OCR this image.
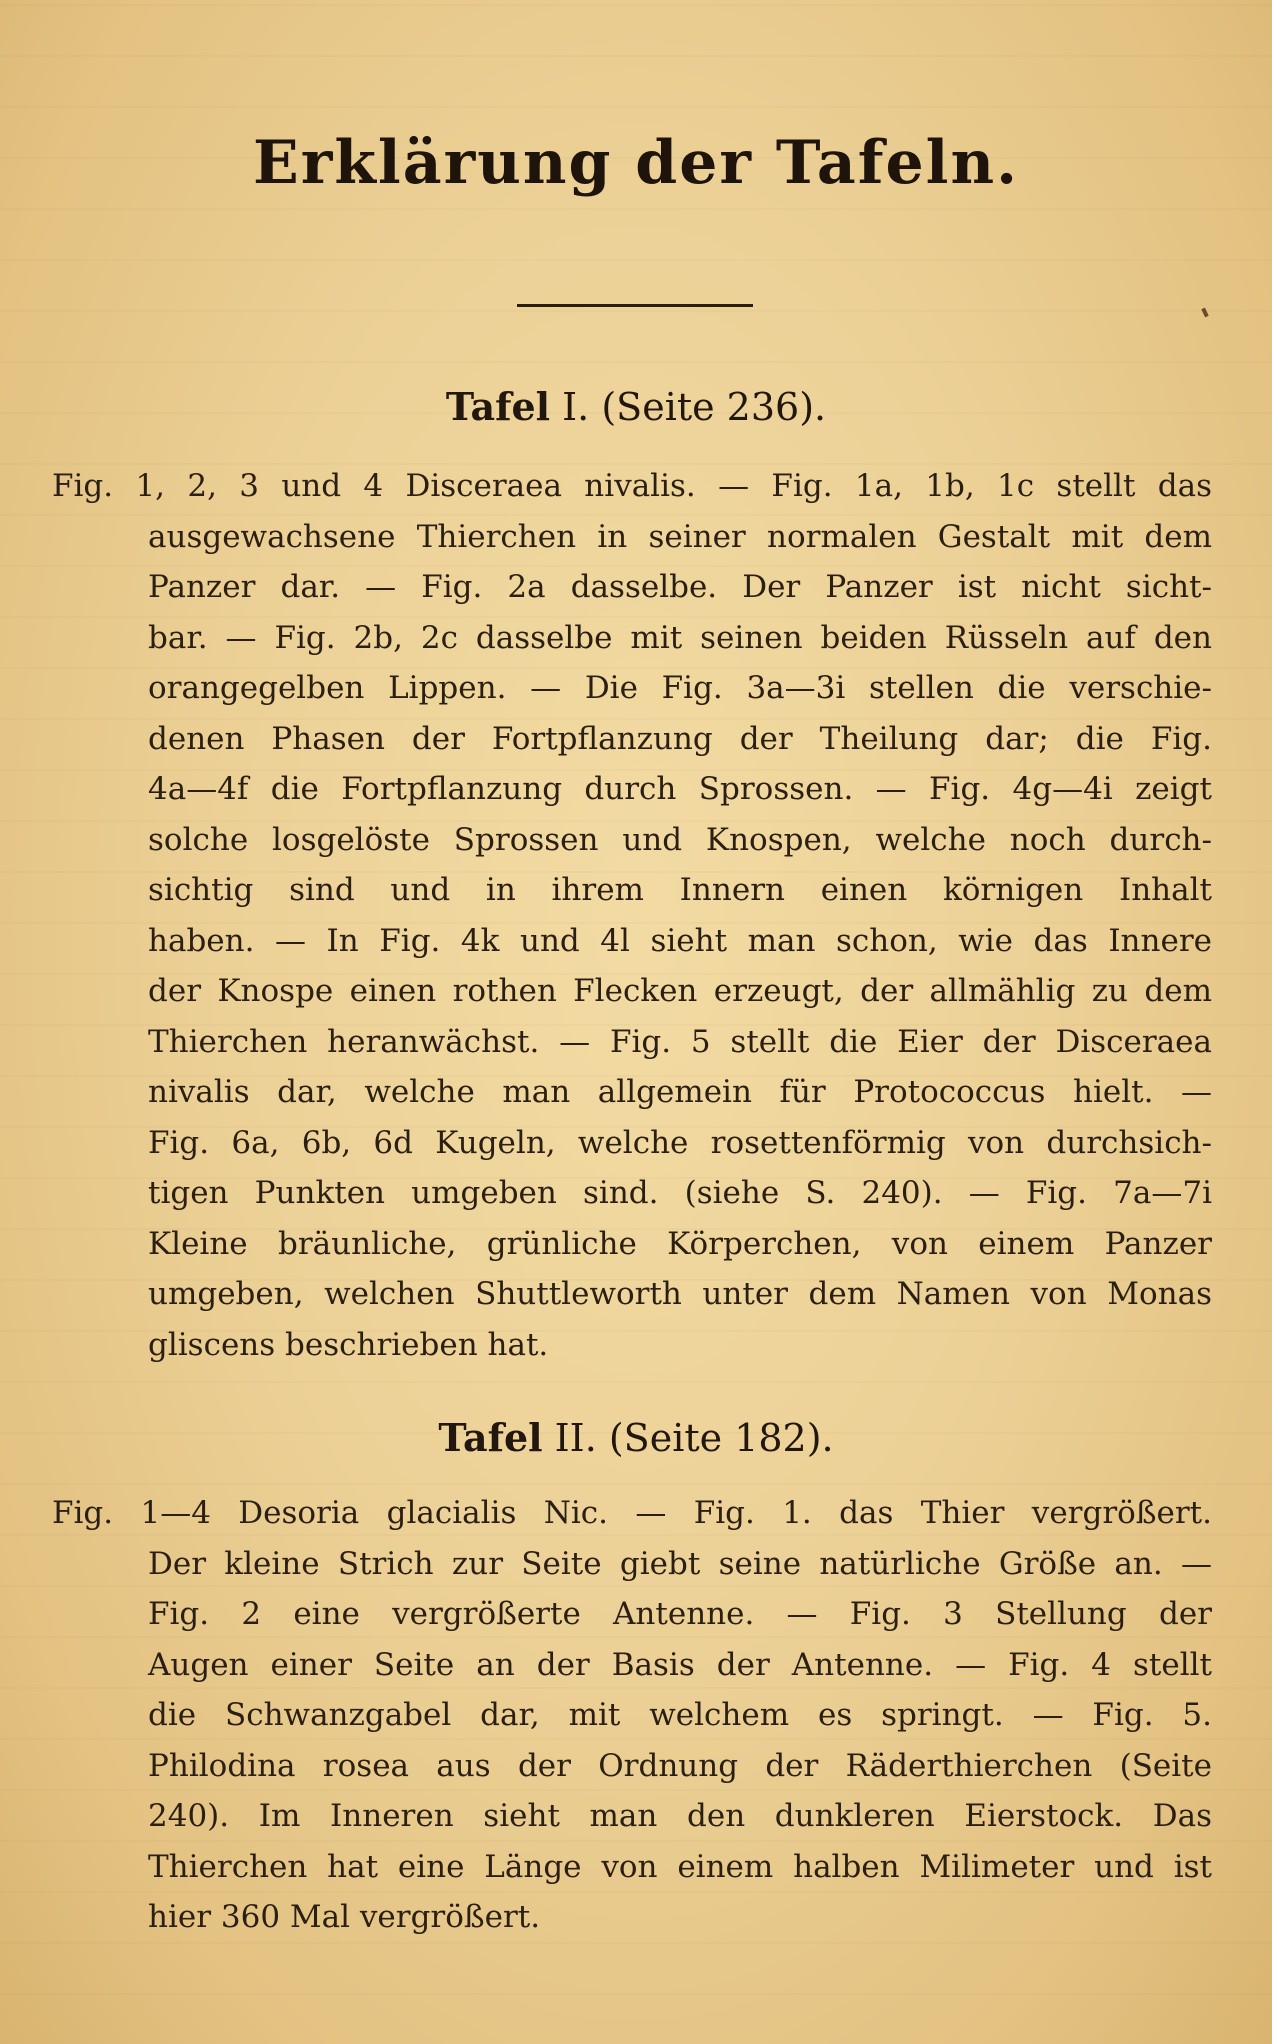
Erklärung der Tafeln.
Tafel I. (Seite 236).
Fig. 1, 2, 3 und 4 Disceraea nivalis. — Fig. 1a, 1b, 1c stellt das
ausgewachsene Thierchen in seiner normalen Gestalt mit dem
Panzer dar. — Fig. 2a dasselbe. Der Panzer ist nicht sicht-
bar. — Fig. 2b, 2c dasselbe mit seinen beiden Rüsseln auf den
orangegelben Lippen. — Die Fig. 3a—3i stellen die verschie-
denen Phasen der Fortpflanzung der Theilung dar; die Fig.
4a—4f die Fortpflanzung durch Sprossen. — Fig. 4g—4i zeigt
solche losgelöste Sprossen und Knospen, welche noch durch-
sichtig sind und in ihrem Innern einen körnigen Inhalt
haben. — In Fig. 4k und 4l sieht man schon, wie das Innere
der Knospe einen rothen Flecken erzeugt, der allmählig zu dem
Thierchen heranwächst. — Fig. 5 stellt die Eier der Disceraea
nivalis dar, welche man allgemein für Protococcus hielt. —
Fig. 6a, 6b, 6d Kugeln, welche rosettenförmig von durchsich-
tigen Punkten umgeben sind. (siehe S. 240). — Fig. 7a—7i
Kleine bräunliche, grünliche Körperchen, von einem Panzer
umgeben, welchen Shuttleworth unter dem Namen von Monas
gliscens beschrieben hat.
Tafel II. (Seite 182).
Fig. 1—4 Desoria glacialis Nic. — Fig. 1. das Thier vergrößert.
Der kleine Strich zur Seite giebt seine natürliche Größe an. —
Fig. 2 eine vergrößerte Antenne. — Fig. 3 Stellung der
Augen einer Seite an der Basis der Antenne. — Fig. 4 stellt
die Schwanzgabel dar, mit welchem es springt. — Fig. 5.
Philodina rosea aus der Ordnung der Räderthierchen (Seite
240). Im Inneren sieht man den dunkleren Eierstock. Das
Thierchen hat eine Länge von einem halben Milimeter und ist
hier 360 Mal vergrößert.
